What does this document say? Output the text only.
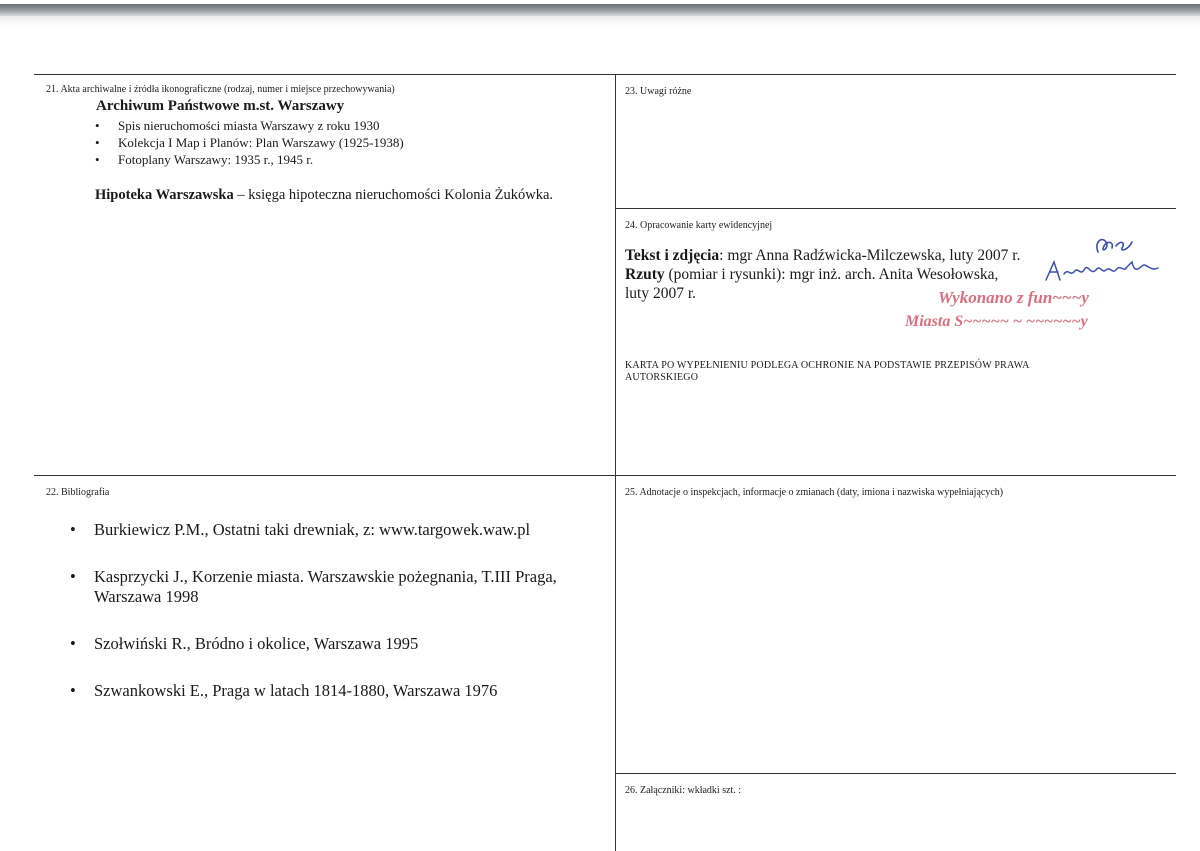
21. Akta archiwalne i źródła ikonograficzne (rodzaj, numer i miejsce przechowywania)
Archiwum Państwowe m.st. Warszawy
• Spis nieruchomości miasta Warszawy z roku 1930
• Kolekcja I Map i Planów: Plan Warszawy (1925-1938)
• Fotoplany Warszawy: 1935 r., 1945 r.
Hipoteka Warszawska – księga hipoteczna nieruchomości Kolonia Żukówka.
23. Uwagi różne
24. Opracowanie karty ewidencyjnej
Tekst i zdjęcia: mgr Anna Radźwicka-Milczewska, luty 2007 r.
Rzuty (pomiar i rysunki): mgr inż. arch. Anita Wesołowska,
luty 2007 r.	Wykonano z fun~~~y
Miasta S~~~~~ ~ ~~~~~~y
KARTA PO WYPEŁNIENIU PODLEGA OCHRONIE NA PODSTAWIE PRZEPISÓW PRAWA AUTORSKIEGO
22. Bibliografia
• Burkiewicz P.M., Ostatni taki drewniak, z: www.targowek.waw.pl
• Kasprzycki J., Korzenie miasta. Warszawskie pożegnania, T.III Praga, Warszawa 1998
• Szołwiński R., Bródno i okolice, Warszawa 1995
• Szwankowski E., Praga w latach 1814-1880, Warszawa 1976
25. Adnotacje o inspekcjach, informacje o zmianach (daty, imiona i nazwiska wypełniających)
26. Załączniki: wkładki szt. :
